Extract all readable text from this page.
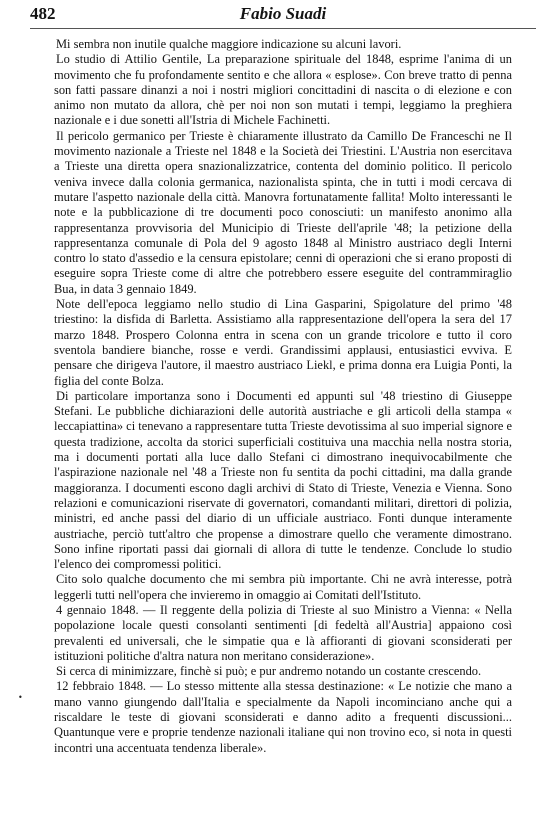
482	Fabio Suadi

Mi sembra non inutile qualche maggiore indicazione su alcuni lavori.

Lo studio di Attilio Gentile, La preparazione spirituale del 1848, esprime l'anima di un movimento che fu profondamente sentito e che allora « esplose». Con breve tratto di penna son fatti passare dinanzi a noi i nostri migliori concittadini di nascita o di elezione e con animo non mutato da allora, chè per noi non son mutati i tempi, leggiamo la preghiera nazionale e i due sonetti all'Istria di Michele Fachinetti.

Il pericolo germanico per Trieste è chiaramente illustrato da Camillo De Franceschi ne Il movimento nazionale a Trieste nel 1848 e la Società dei Triestini. L'Austria non esercitava a Trieste una diretta opera snazionalizzatrice, contenta del dominio politico. Il pericolo veniva invece dalla colonia germanica, nazionalista spinta, che in tutti i modi cercava di mutare l'aspetto nazionale della città. Manovra fortunatamente fallita! Molto interessanti le note e la pubblicazione di tre documenti poco conosciuti: un manifesto anonimo alla rappresentanza provvisoria del Municipio di Trieste dell'aprile '48; la petizione della rappresentanza comunale di Pola del 9 agosto 1848 al Ministro austriaco degli Interni contro lo stato d'assedio e la censura epistolare; cenni di operazioni che si erano proposti di eseguire sopra Trieste come di altre che potrebbero essere eseguite del contrammiraglio Bua, in data 3 gennaio 1849.

Note dell'epoca leggiamo nello studio di Lina Gasparini, Spigolature del primo '48 triestino: la disfida di Barletta. Assistiamo alla rappresentazione dell'opera la sera del 17 marzo 1848. Prospero Colonna entra in scena con un grande tricolore e tutto il coro sventola bandiere bianche, rosse e verdi. Grandissimi applausi, entusiastici evviva. E pensare che dirigeva l'autore, il maestro austriaco Liekl, e prima donna era Luigia Ponti, la figlia del conte Bolza.

Di particolare importanza sono i Documenti ed appunti sul '48 triestino di Giuseppe Stefani. Le pubbliche dichiarazioni delle autorità austriache e gli articoli della stampa « leccapiattina» ci tenevano a rappresentare tutta Trieste devotissima al suo imperial signore e questa tradizione, accolta da storici superficiali costituiva una macchia nella nostra storia, ma i documenti portati alla luce dallo Stefani ci dimostrano inequivocabilmente che l'aspirazione nazionale nel '48 a Trieste non fu sentita da pochi cittadini, ma dalla grande maggioranza. I documenti escono dagli archivi di Stato di Trieste, Venezia e Vienna. Sono relazioni e comunicazioni riservate di governatori, comandanti militari, direttori di polizia, ministri, ed anche passi del diario di un ufficiale austriaco. Fonti dunque interamente austriache, perciò tutt'altro che propense a dimostrare quello che veramente dimostrano. Sono infine riportati passi dai giornali di allora di tutte le tendenze. Conclude lo studio l'elenco dei compromessi politici.

Cito solo qualche documento che mi sembra più importante. Chi ne avrà interesse, potrà leggerli tutti nell'opera che invieremo in omaggio ai Comitati dell'Istituto.

4 gennaio 1848. — Il reggente della polizia di Trieste al suo Ministro a Vienna: « Nella popolazione locale questi consolanti sentimenti [di fedeltà all'Austria] appaiono così prevalenti ed universali, che le simpatie qua e là affioranti di giovani sconsiderati per istituzioni politiche d'altra natura non meritano considerazione».

Si cerca di minimizzare, finchè si può; e pur andremo notando un costante crescendo.

12 febbraio 1848. — Lo stesso mittente alla stessa destinazione: « Le notizie che mano a mano vanno giungendo dall'Italia e specialmente da Napoli incominciano anche qui a riscaldare le teste di giovani sconsiderati e danno adito a frequenti discussioni... Quantunque vere e proprie tendenze nazionali italiane qui non trovino eco, si nota in questi incontri una accentuata tendenza liberale».

•
